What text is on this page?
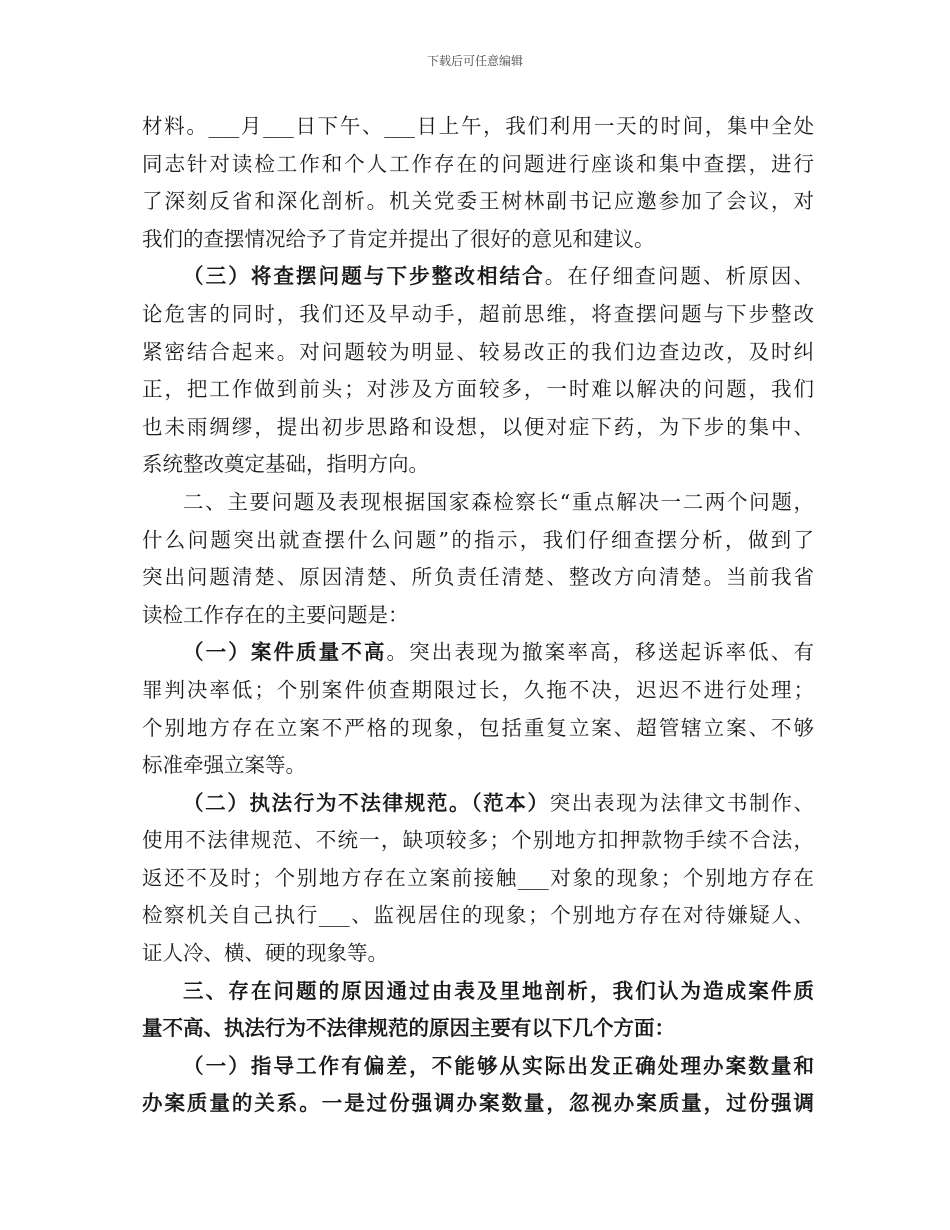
下载后可任意编辑
材料。___月___日下午、___日上午，我们利用一天的时间，集中全处
同志针对读检工作和个人工作存在的问题进行座谈和集中查摆，进行
了深刻反省和深化剖析。机关党委王树林副书记应邀参加了会议，对
我们的查摆情况给予了肯定并提出了很好的意见和建议。
（三）将查摆问题与下步整改相结合。在仔细查问题、析原因、
论危害的同时，我们还及早动手，超前思维，将查摆问题与下步整改
紧密结合起来。对问题较为明显、较易改正的我们边查边改，及时纠
正，把工作做到前头；对涉及方面较多，一时难以解决的问题，我们
也未雨绸缪，提出初步思路和设想，以便对症下药，为下步的集中、
系统整改奠定基础，指明方向。
二、主要问题及表现根据国家森检察长“重点解决一二两个问题，
什么问题突出就查摆什么问题”的指示，我们仔细查摆分析，做到了
突出问题清楚、原因清楚、所负责任清楚、整改方向清楚。当前我省
读检工作存在的主要问题是：
（一）案件质量不高。突出表现为撤案率高，移送起诉率低、有
罪判决率低；个别案件侦查期限过长，久拖不决，迟迟不进行处理；
个别地方存在立案不严格的现象，包括重复立案、超管辖立案、不够
标准牵强立案等。
（二）执法行为不法律规范。（范本）突出表现为法律文书制作、
使用不法律规范、不统一，缺项较多；个别地方扣押款物手续不合法，
返还不及时；个别地方存在立案前接触___对象的现象；个别地方存在
检察机关自己执行___、监视居住的现象；个别地方存在对待嫌疑人、
证人冷、横、硬的现象等。
三、存在问题的原因通过由表及里地剖析，我们认为造成案件质
量不高、执法行为不法律规范的原因主要有以下几个方面：
（一）指导工作有偏差，不能够从实际出发正确处理办案数量和
办案质量的关系。一是过份强调办案数量，忽视办案质量，过份强调
